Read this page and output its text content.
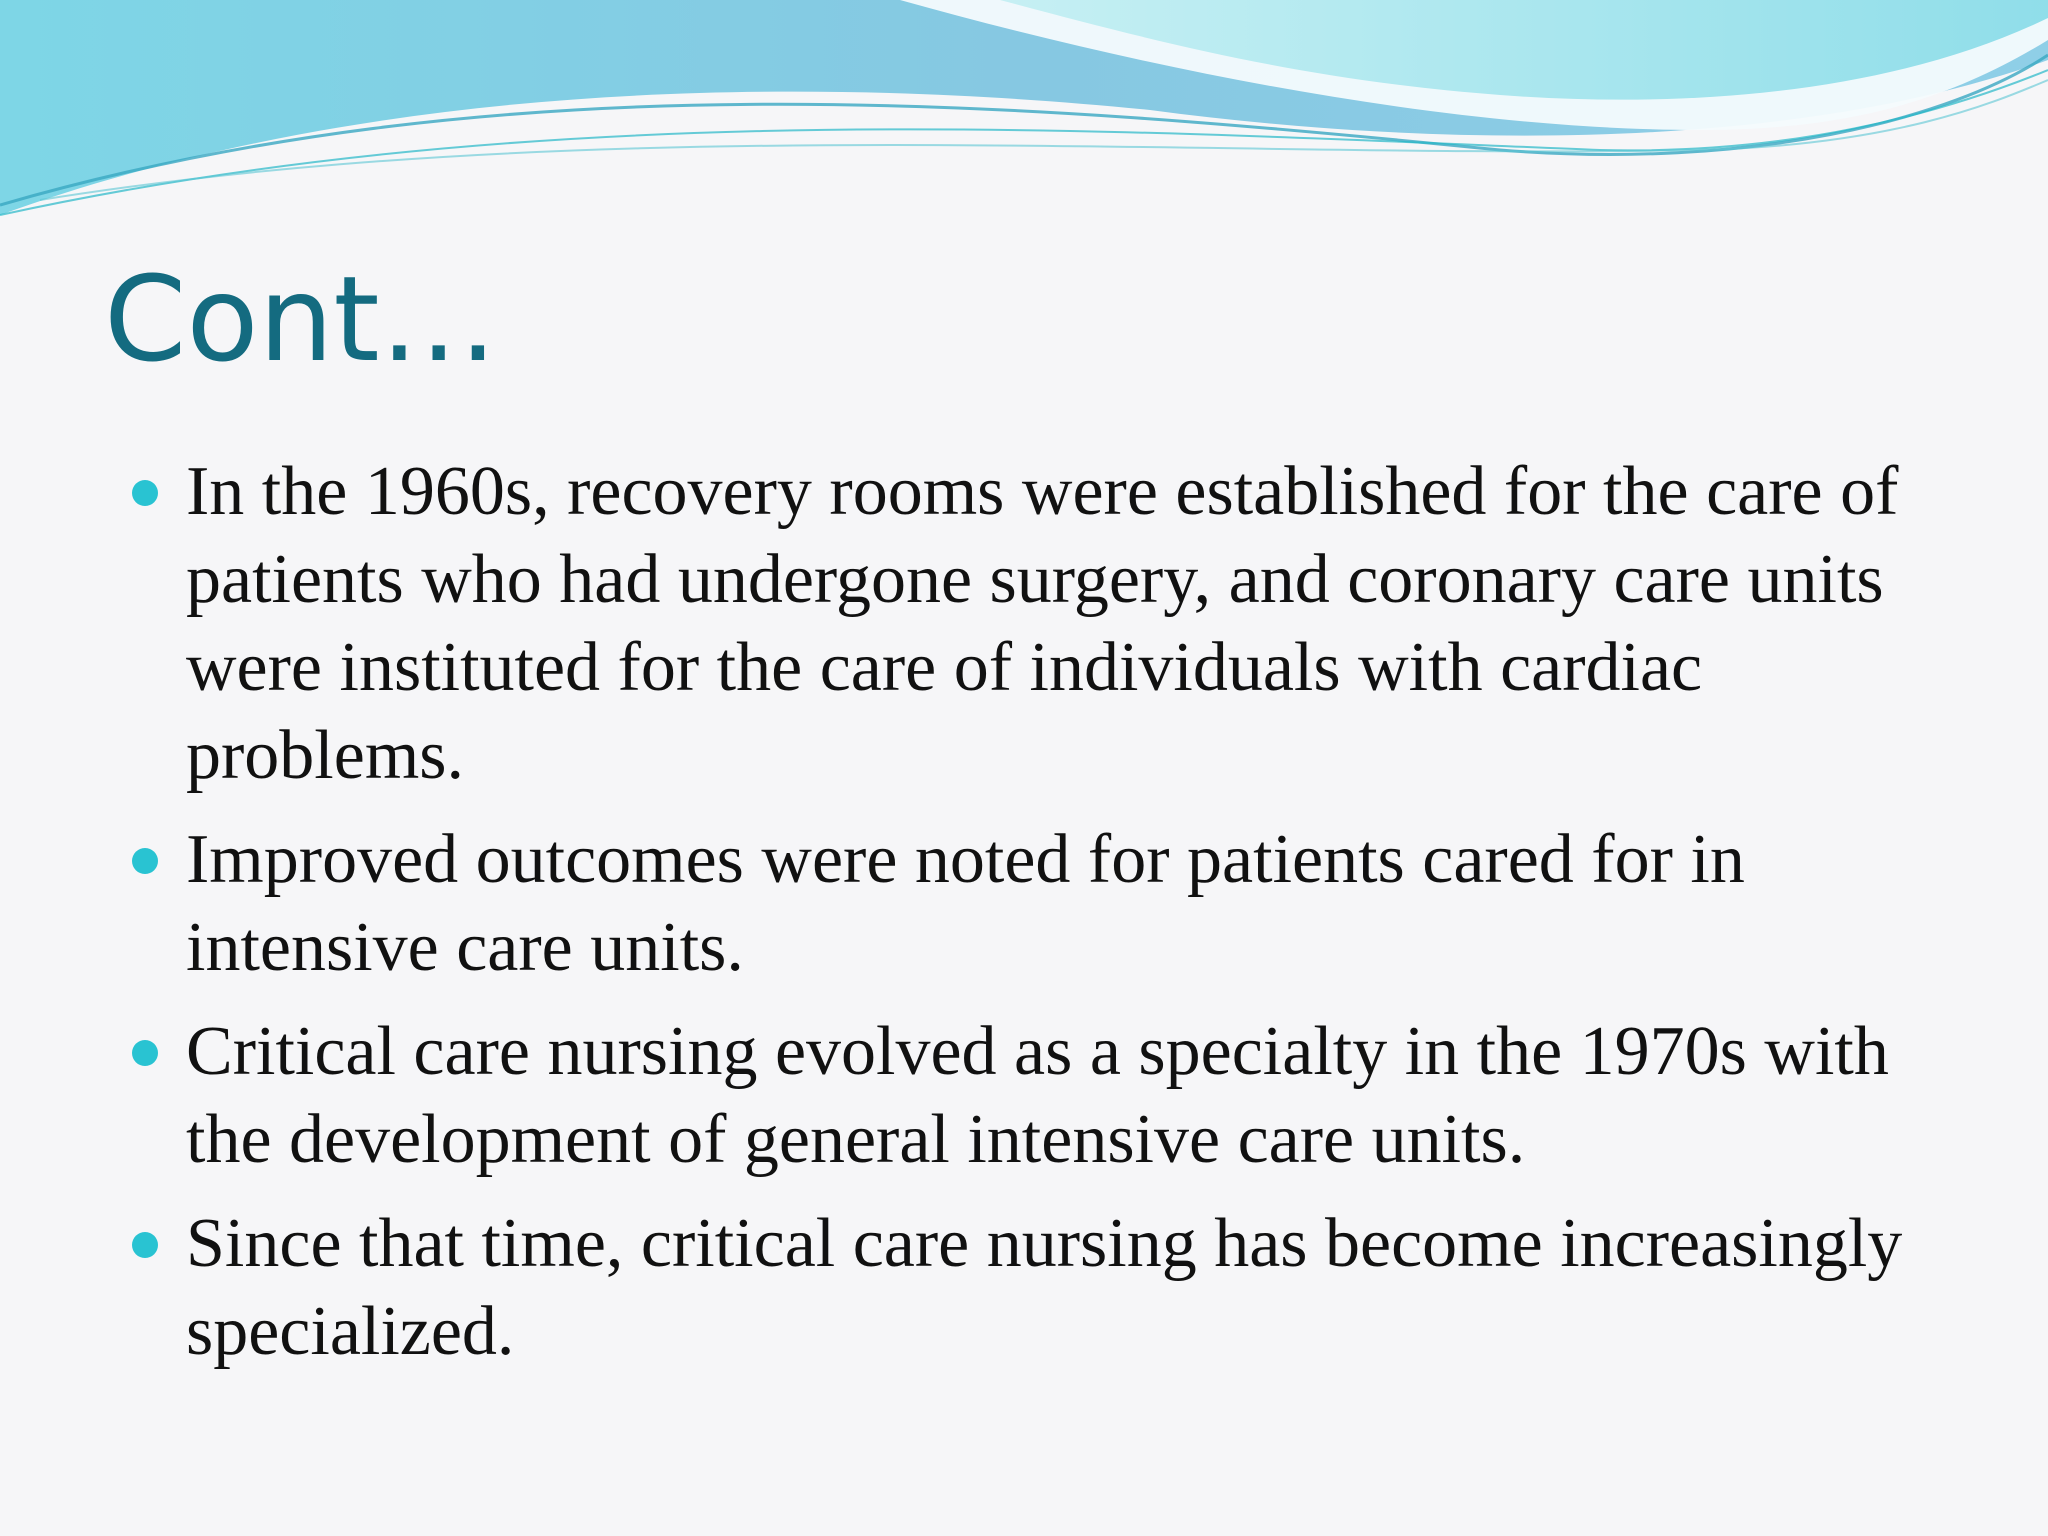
Cont…
In the 1960s, recovery rooms were established for the care of patients who had undergone surgery, and coronary care units were instituted for the care of individuals with cardiac problems.
Improved outcomes were noted for patients cared for in intensive care units.
Critical care nursing evolved as a specialty in the 1970s with the development of general intensive care units.
Since that time, critical care nursing has become increasingly specialized.
